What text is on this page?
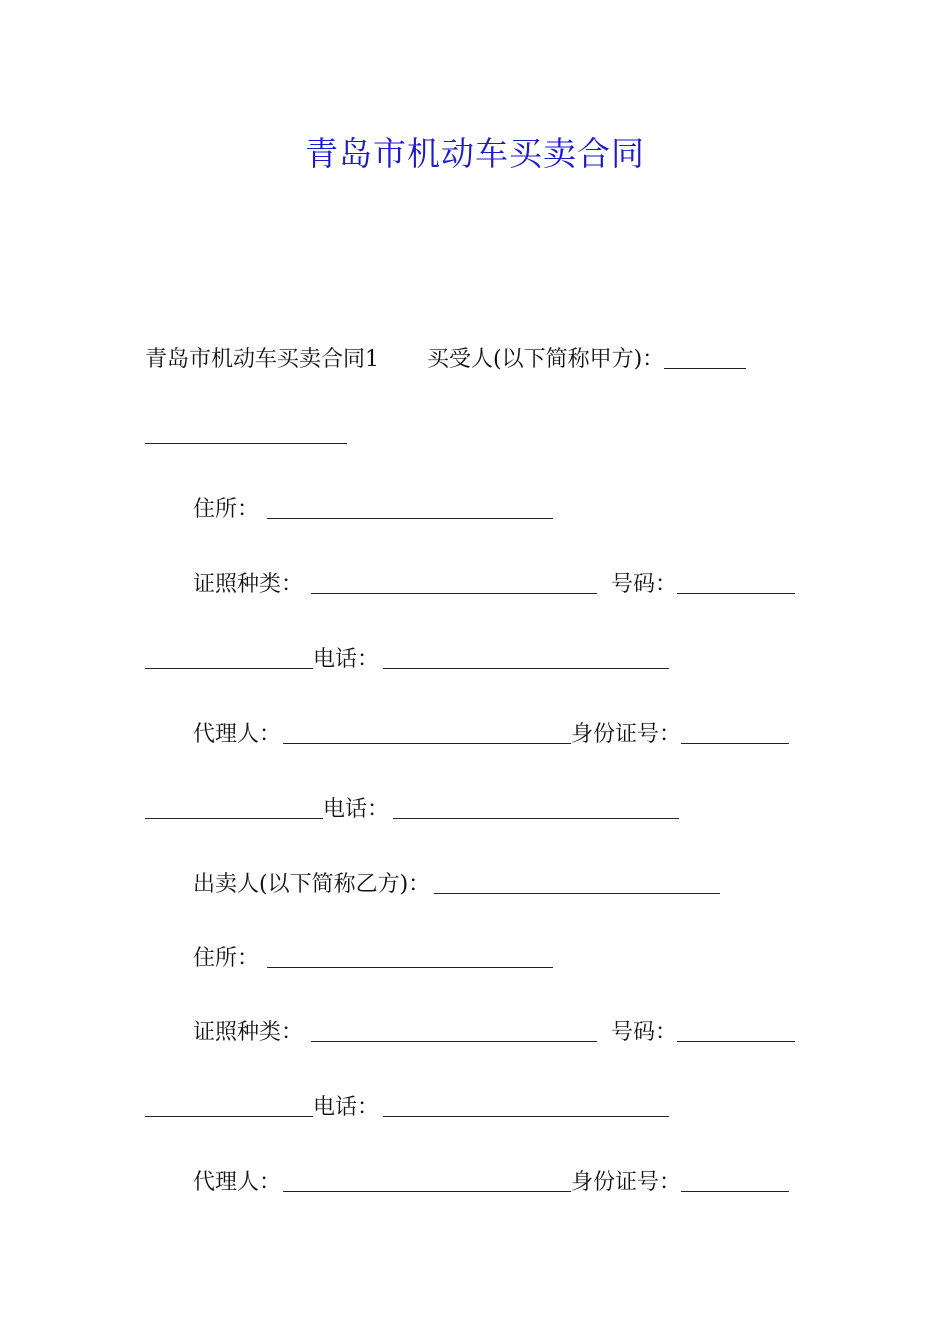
青岛市机动车买卖合同
青岛市机动车买卖合同1 买受人(以下简称甲方)：
住所：
证照种类：	号码：
电话：
代理人：	身份证号：
电话：
出卖人(以下简称乙方)：
住所：
证照种类：	号码：
电话：
代理人：	身份证号：
